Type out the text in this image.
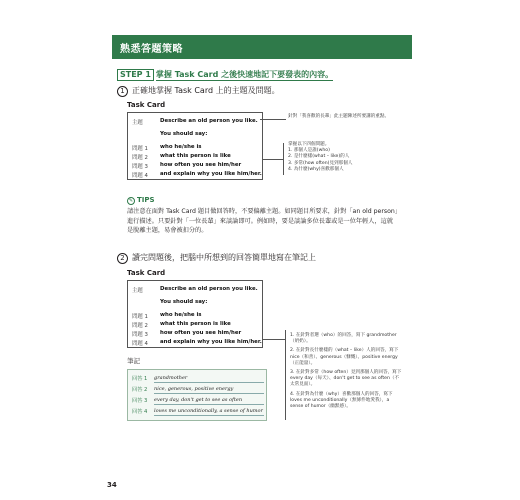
熟悉答題策略
STEP 1 掌握 Task Card 之後快速地記下要發表的內容。
1 正確地掌握 Task Card 上的主題及問題。
Task Card
主題	Describe an old person you like.
You should say:
問題 1 who he/she is
問題 2 what this person is like
問題 3 how often you see him/her
問題 4 and explain why you like him/her.
針對「我喜歡的長輩」此主題陳述所要講的重點。
掌握以下四個問題。
1. 那個人是誰(who)
2. 是什麼樣(what – like)的人
3. 多常(how often)見到那個人
4. 為什麼(why)喜歡那個人
✎ TIPS
請注意在面對 Task Card 題目做回答時，不要偏離主題。如同題目所要求，針對「an old person」進行描述。只要針對「一位長輩」來談論即可。例如時，要是談論多位長輩或是一位年輕人，這就是脫離主題，易會被扣分的。
2 讀完問題後，把腦中所想到的回答簡單地寫在筆記上
Task Card
主題	Describe an old person you like.
You should say:
問題 1 who he/she is
問題 2 what this person is like
問題 3 how often you see him/her
問題 4 and explain why you like him/her.
筆記
回答 1 grandmother
回答 2 nice, generous, positive energy
回答 3 every day, don't get to see as often
回答 4 loves me unconditionally, a sense of humor
1. 在針對者選（who）的回答，寫下 grandmother（奶奶）。
2. 在針對長什麼樣的（what – like）人的回答，寫下 nice（和善）、generous（慷慨）、positive energy（正能量）。
3. 在針對多常（how often）見到那個人的回答，寫下 every day（每天）、don't get to see as often（不太常見面）。
4. 在針對為什麼（why）喜歡那個人的回答，寫下 loves me unconditionally（無條件地愛我），a sense of humor（幽默感）。
34
